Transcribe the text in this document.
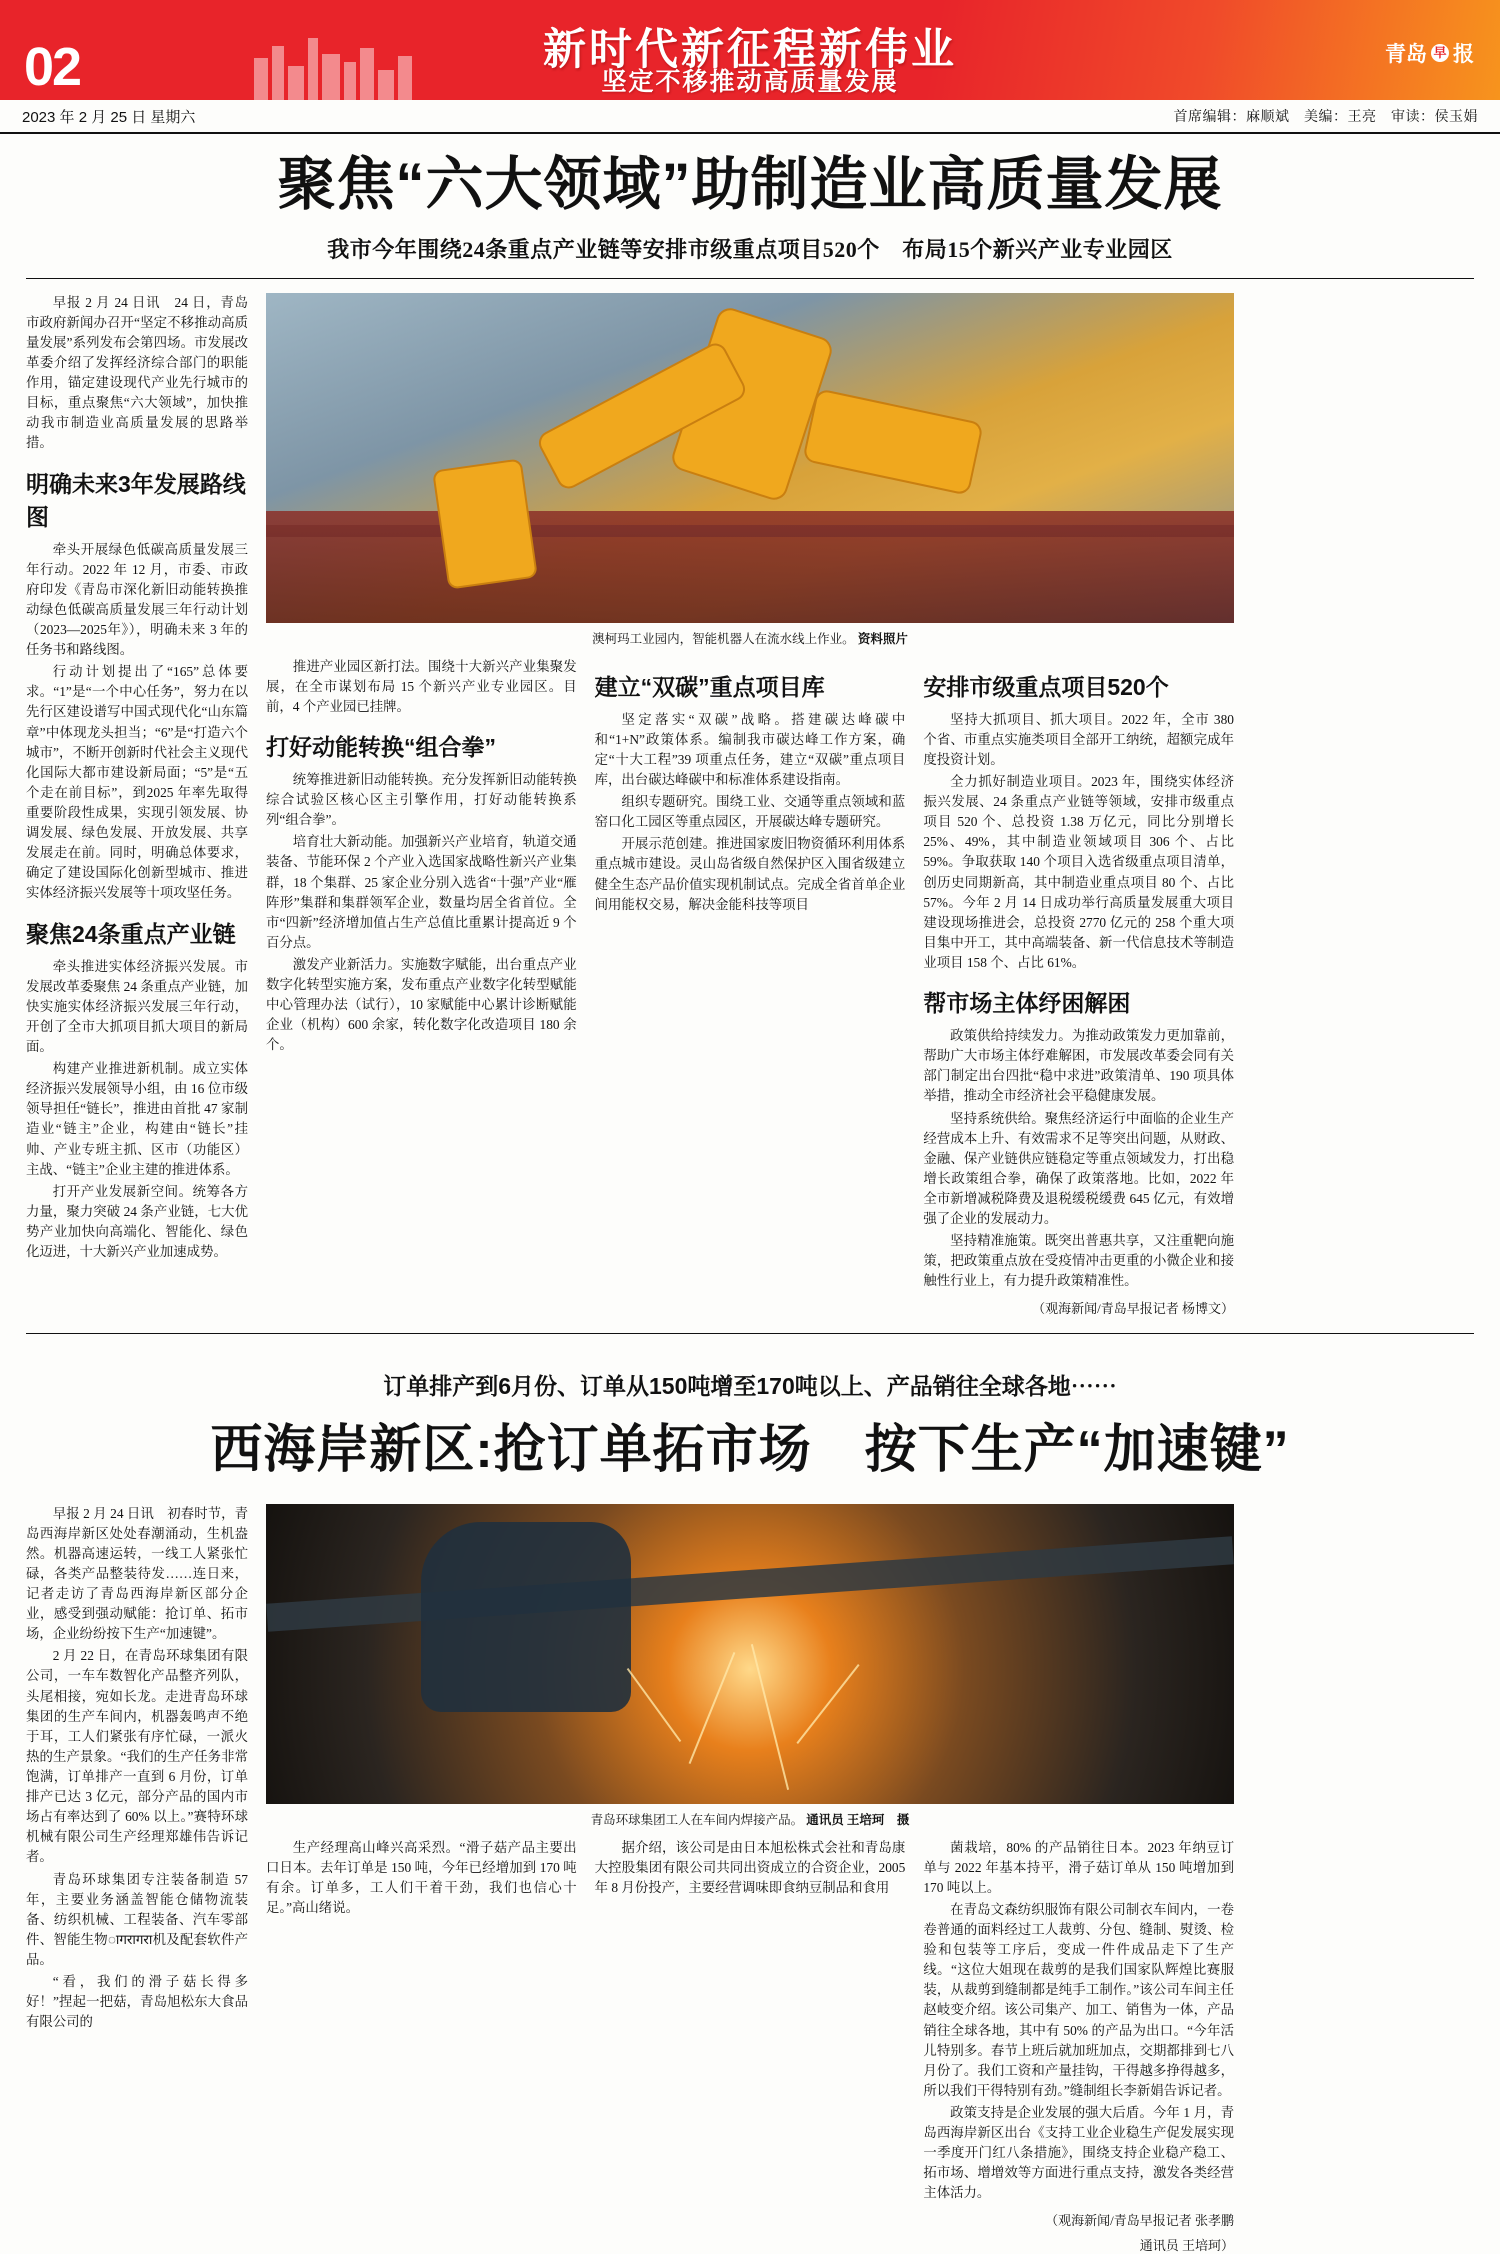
02	新时代新征程新伟业
坚定不移推动高质量发展
青岛 早 报
2023 年 2 月 25 日 星期六	首席编辑：麻顺斌　美编：王亮　审读：侯玉娟
聚焦“六大领域”助制造业高质量发展
我市今年围绕24条重点产业链等安排市级重点项目520个　布局15个新兴产业专业园区

早报 2 月 24 日讯　24 日，青岛市政府新闻办召开“坚定不移推动高质量发展”系列发布会第四场。市发展改革委介绍了发挥经济综合部门的职能作用，锚定建设现代产业先行城市的目标，重点聚焦“六大领域”，加快推动我市制造业高质量发展的思路举措。

明确未来3年发展路线图

牵头开展绿色低碳高质量发展三年行动。2022 年 12 月，市委、市政府印发《青岛市深化新旧动能转换推动绿色低碳高质量发展三年行动计划（2023—2025年》），明确未来 3 年的任务书和路线图。

行动计划提出了“165”总体要求。“1”是“一个中心任务”，努力在以先行区建设谱写中国式现代化“山东篇章”中体现龙头担当；“6”是“打造六个城市”，不断开创新时代社会主义现代化国际大都市建设新局面；“5”是“五个走在前目标”，到2025 年率先取得重要阶段性成果，实现引领发展、协调发展、绿色发展、开放发展、共享发展走在前。同时，明确总体要求，确定了建设国际化创新型城市、推进实体经济振兴发展等十项攻坚任务。

聚焦24条重点产业链

牵头推进实体经济振兴发展。市发展改革委聚焦 24 条重点产业链，加快实施实体经济振兴发展三年行动，开创了全市大抓项目抓大项目的新局面。

构建产业推进新机制。成立实体经济振兴发展领导小组，由 16 位市级领导担任“链长”，推进由首批 47 家制造业“链主”企业，构建由“链长”挂帅、产业专班主抓、区市（功能区）主战、“链主”企业主建的推进体系。

打开产业发展新空间。统筹各方力量，聚力突破 24 条产业链，七大优势产业加快向高端化、智能化、绿色化迈进，十大新兴产业加速成势。

澳柯玛工业园内，智能机器人在流水线上作业。 资料照片

推进产业园区新打法。围绕十大新兴产业集聚发展，在全市谋划布局 15 个新兴产业专业园区。目前，4 个产业园已挂牌。

打好动能转换“组合拳”

统筹推进新旧动能转换。充分发挥新旧动能转换综合试验区核心区主引擎作用，打好动能转换系列“组合拳”。

培育壮大新动能。加强新兴产业培育，轨道交通装备、节能环保 2 个产业入选国家战略性新兴产业集群，18 个集群、25 家企业分别入选省“十强”产业“雁阵形”集群和集群领军企业，数量均居全省首位。全市“四新”经济增加值占生产总值比重累计提高近 9 个百分点。

激发产业新活力。实施数字赋能，出台重点产业数字化转型实施方案，发布重点产业数字化转型赋能中心管理办法（试行），10 家赋能中心累计诊断赋能企业（机构）600 余家，转化数字化改造项目 180 余个。

建立“双碳”重点项目库

坚定落实“双碳”战略。搭建碳达峰碳中和“1+N”政策体系。编制我市碳达峰工作方案，确定“十大工程”39 项重点任务，建立“双碳”重点项目库，出台碳达峰碳中和标准体系建设指南。

组织专题研究。围绕工业、交通等重点领域和蓝窑口化工园区等重点园区，开展碳达峰专题研究。

开展示范创建。推进国家废旧物资循环利用体系重点城市建设。灵山岛省级自然保护区入围省级建立健全生态产品价值实现机制试点。完成全省首单企业间用能权交易，解决金能科技等项目

安排市级重点项目520个

坚持大抓项目、抓大项目。2022 年，全市 380 个省、市重点实施类项目全部开工纳统，超额完成年度投资计划。

全力抓好制造业项目。2023 年，围绕实体经济振兴发展、24 条重点产业链等领域，安排市级重点项目 520 个、总投资 1.38 万亿元，同比分别增长 25%、49%，其中制造业领域项目 306 个、占比 59%。争取获取 140 个项目入选省级重点项目清单，创历史同期新高，其中制造业重点项目 80 个、占比 57%。今年 2 月 14 日成功举行高质量发展重大项目建设现场推进会，总投资 2770 亿元的 258 个重大项目集中开工，其中高端装备、新一代信息技术等制造业项目 158 个、占比 61%。

帮市场主体纾困解困

政策供给持续发力。为推动政策发力更加靠前，帮助广大市场主体纾难解困，市发展改革委会同有关部门制定出台四批“稳中求进”政策清单、190 项具体举措，推动全市经济社会平稳健康发展。

坚持系统供给。聚焦经济运行中面临的企业生产经营成本上升、有效需求不足等突出问题，从财政、金融、保产业链供应链稳定等重点领域发力，打出稳增长政策组合拳，确保了政策落地。比如，2022 年全市新增减税降费及退税缓税缓费 645 亿元，有效增强了企业的发展动力。

坚持精准施策。既突出普惠共享，又注重靶向施策，把政策重点放在受疫情冲击更重的小微企业和接触性行业上，有力提升政策精准性。

（观海新闻/青岛早报记者 杨博文）
订单排产到6月份、订单从150吨增至170吨以上、产品销往全球各地⋯⋯
西海岸新区:抢订单拓市场　按下生产“加速键”

早报 2 月 24 日讯　初春时节，青岛西海岸新区处处春潮涌动，生机盎然。机器高速运转，一线工人紧张忙碌，各类产品整装待发……连日来，记者走访了青岛西海岸新区部分企业，感受到强动赋能：抢订单、拓市场，企业纷纷按下生产“加速键”。

2 月 22 日，在青岛环球集团有限公司，一车车数智化产品整齐列队，头尾相接，宛如长龙。走进青岛环球集团的生产车间内，机器轰鸣声不绝于耳，工人们紧张有序忙碌，一派火热的生产景象。“我们的生产任务非常饱满，订单排产一直到 6 月份，订单排产已达 3 亿元，部分产品的国内市场占有率达到了 60% 以上。”赛特环球机械有限公司生产经理郑雄伟告诉记者。

青岛环球集团专注装备制造 57 年，主要业务涵盖智能仓储物流装备、纺织机械、工程装备、汽车零部件、智能生物ागरागरा机及配套软件产品。

“看，我们的滑子菇长得多好！”捏起一把菇，青岛旭松东大食品有限公司的

青岛环球集团工人在车间内焊接产品。 通讯员 王培珂　摄

生产经理高山峰兴高采烈。“滑子菇产品主要出口日本。去年订单是 150 吨，今年已经增加到 170 吨有余。订单多，工人们干着干劲，我们也信心十足。”高山绪说。

据介绍，该公司是由日本旭松株式会社和青岛康大控股集团有限公司共同出资成立的合资企业，2005 年 8 月份投产，主要经营调味即食纳豆制品和食用

菌栽培，80% 的产品销往日本。2023 年纳豆订单与 2022 年基本持平，滑子菇订单从 150 吨增加到 170 吨以上。

在青岛文森纺织服饰有限公司制衣车间内，一卷卷普通的面料经过工人裁剪、分包、缝制、熨烫、检验和包装等工序后，变成一件件成品走下了生产线。“这位大姐现在裁剪的是我们国家队辉煌比赛服装，从裁剪到缝制都是纯手工制作。”该公司车间主任赵岐变介绍。该公司集产、加工、销售为一体，产品销往全球各地，其中有 50% 的产品为出口。“今年活儿特别多。春节上班后就加班加点，交期都排到七八月份了。我们工资和产量挂钩，干得越多挣得越多，所以我们干得特别有劲。”缝制组长李新娟告诉记者。

政策支持是企业发展的强大后盾。今年 1 月，青岛西海岸新区出台《支持工业企业稳生产促发展实现一季度开门红八条措施》，围绕支持企业稳产稳工、拓市场、增增效等方面进行重点支持，激发各类经营主体活力。

（观海新闻/青岛早报记者 张孝鹏
通讯员 王培珂）
